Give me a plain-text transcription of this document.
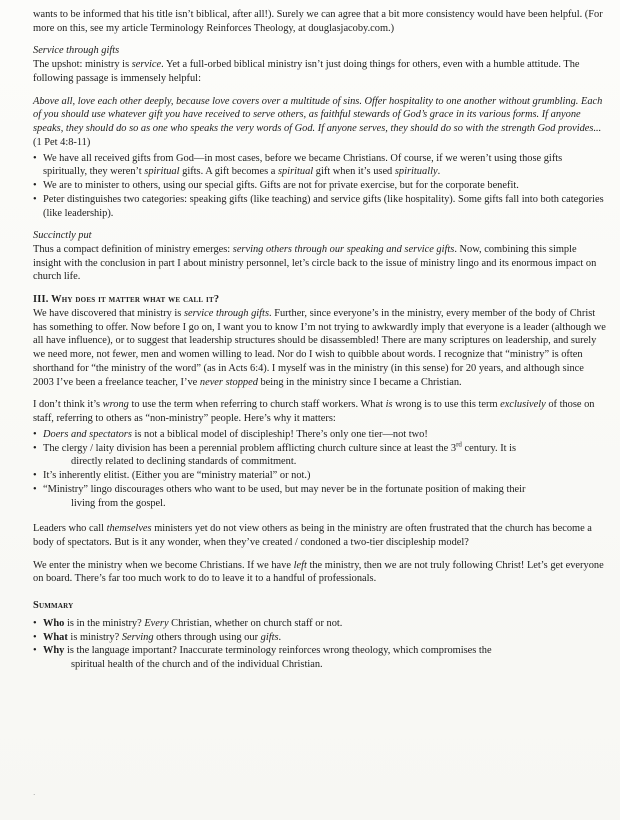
wants to be informed that his title isn’t biblical, after all!). Surely we can agree that a bit more consistency would have been helpful. (For more on this, see my article Terminology Reinforces Theology, at douglasjacoby.com.)

Service through gifts

The upshot: ministry is service. Yet a full-orbed biblical ministry isn’t just doing things for others, even with a humble attitude. The following passage is immensely helpful:

Above all, love each other deeply, because love covers over a multitude of sins. Offer hospitality to one another without grumbling. Each of you should use whatever gift you have received to serve others, as faithful stewards of God’s grace in its various forms. If anyone speaks, they should do so as one who speaks the very words of God. If anyone serves, they should do so with the strength God provides...(1 Pet 4:8-11)

• We have all received gifts from God—in most cases, before we became Christians. Of course, if we weren’t using those gifts spiritually, they weren’t spiritual gifts. A gift becomes a spiritual gift when it’s used spiritually.
• We are to minister to others, using our special gifts. Gifts are not for private exercise, but for the corporate benefit.
• Peter distinguishes two categories: speaking gifts (like teaching) and service gifts (like hospitality). Some gifts fall into both categories (like leadership).

Succinctly put

Thus a compact definition of ministry emerges: serving others through our speaking and service gifts. Now, combining this simple insight with the conclusion in part I about ministry personnel, let’s circle back to the issue of ministry lingo and its enormous impact on church life.

III. Why does it matter what we call it?

We have discovered that ministry is service through gifts. Further, since everyone’s in the ministry, every member of the body of Christ has something to offer. Now before I go on, I want you to know I’m not trying to awkwardly imply that everyone is a leader (although we all have influence), or to suggest that leadership structures should be disassembled! There are many scriptures on leadership, and surely we need more, not fewer, men and women willing to lead. Nor do I wish to quibble about words. I recognize that “ministry” is often shorthand for “the ministry of the word” (as in Acts 6:4). I myself was in the ministry (in this sense) for 20 years, and although since 2003 I’ve been a freelance teacher, I’ve never stopped being in the ministry since I became a Christian.

I don’t think it’s wrong to use the term when referring to church staff workers. What is wrong is to use this term exclusively of those on staff, referring to others as “non-ministry” people. Here’s why it matters:

• Doers and spectators is not a biblical model of discipleship! There’s only one tier—not two!
• The clergy / laity division has been a perennial problem afflicting church culture since at least the 3rd century. It is
directly related to declining standards of commitment.
• It’s inherently elitist. (Either you are “ministry material” or not.)
• “Ministry” lingo discourages others who want to be used, but may never be in the fortunate position of making their
living from the gospel.

Leaders who call themselves ministers yet do not view others as being in the ministry are often frustrated that the church has become a body of spectators. But is it any wonder, when they’ve created / condoned a two-tier discipleship model?

We enter the ministry when we become Christians. If we have left the ministry, then we are not truly following Christ! Let’s get everyone on board. There’s far too much work to do to leave it to a handful of professionals.

Summary

• Who is in the ministry? Every Christian, whether on church staff or not.
• What is ministry? Serving others through using our gifts.
• Why is the language important? Inaccurate terminology reinforces wrong theology, which compromises the
spiritual health of the church and of the individual Christian.
·
